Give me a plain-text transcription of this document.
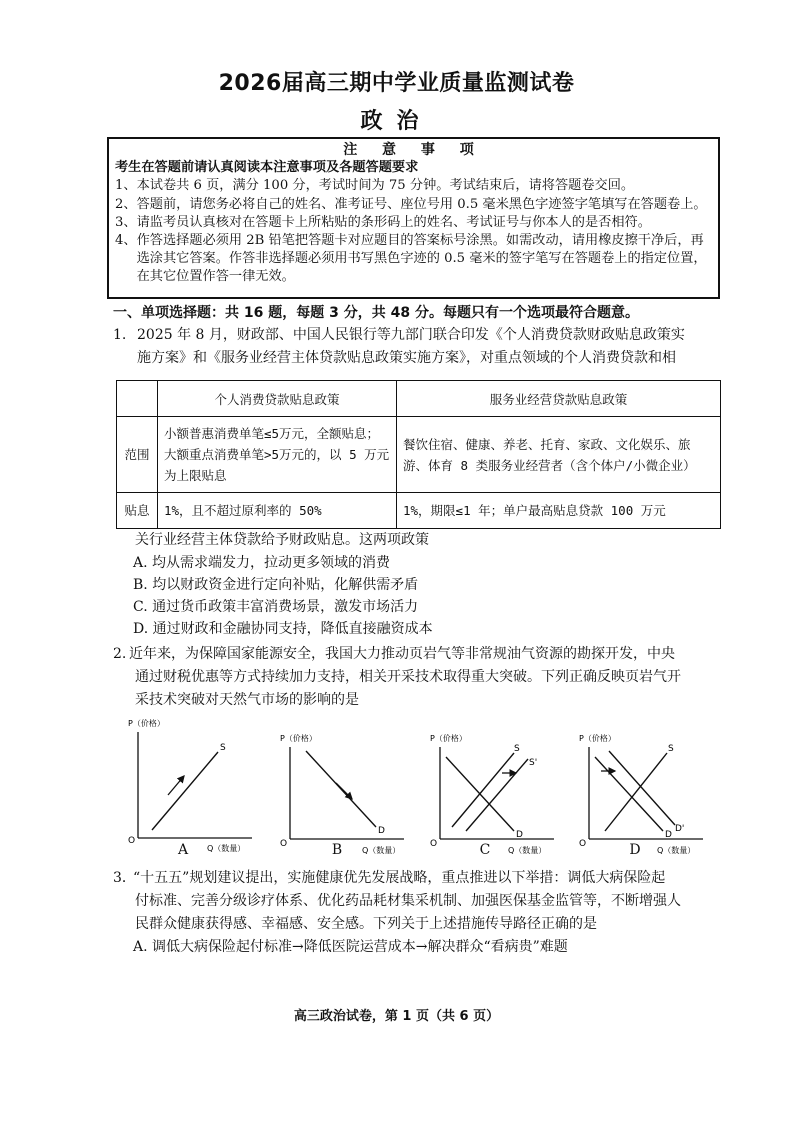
2026届高三期中学业质量监测试卷
政治
注 意 事 项
考生在答题前请认真阅读本注意事项及各题答题要求
1、 本试卷共 6 页，满分 100 分，考试时间为 75 分钟。考试结束后，请将答题卷交回。
2、 答题前，请您务必将自己的姓名、准考证号、座位号用 0.5 毫米黑色字迹签字笔填写在答题卷上。
3、 请监考员认真核对在答题卡上所粘贴的条形码上的姓名、考试证号与你本人的是否相符。
4、 作答选择题必须用 2B 铅笔把答题卡对应题目的答案标号涂黑。如需改动，请用橡皮擦干净后，再选涂其它答案。作答非选择题必须用书写黑色字迹的 0.5 毫米的签字笔写在答题卷上的指定位置，在其它位置作答一律无效。
一、单项选择题：共 16 题，每题 3 分，共 48 分。每题只有一个选项最符合题意。
1. 2025 年 8 月，财政部、中国人民银行等九部门联合印发《个人消费贷款财政贴息政策实
施方案》和《服务业经营主体贷款贴息政策实施方案》，对重点领域的个人消费贷款和相
	个人消费贷款贴息政策	服务业经营贷款贴息政策
范围	小额普惠消费单笔≤5万元，全额贴息；大额重点消费单笔>5万元的，以 5 万元为上限贴息	餐饮住宿、健康、养老、托育、家政、文化娱乐、旅游、体育 8 类服务业经营者（含个体户/小微企业）
贴息	1%，且不超过原利率的 50%	1%，期限≤1 年；单户最高贴息贷款 100 万元
关行业经营主体贷款给予财政贴息。这两项政策
A. 均从需求端发力，拉动更多领域的消费
B. 均以财政资金进行定向补贴，化解供需矛盾
C. 通过货币政策丰富消费场景，激发市场活力
D. 通过财政和金融协同支持，降低直接融资成本
2. 近年来，为保障国家能源安全，我国大力推动页岩气等非常规油气资源的勘探开发，中央
通过财税优惠等方式持续加力支持，相关开采技术取得重大突破。下列正确反映页岩气开
采技术突破对天然气市场的影响的是
P（价格）
O
Q（数量）
S
A
P（价格）
O
Q（数量）
D
B
P（价格）
O
Q（数量）
D
S
S'
C
P（价格）
O
Q（数量）
D
D'
S
D
3．
“十五五”规划建议提出，实施健康优先发展战略，重点推进以下举措：调低大病保险起
付标准、完善分级诊疗体系、优化药品耗材集采机制、加强医保基金监管等，不断增强人
民群众健康获得感、幸福感、安全感。下列关于上述措施传导路径正确的是
A. 调低大病保险起付标准→降低医院运营成本→解决群众“看病贵”难题
高三政治试卷，第 1 页（共 6 页）
